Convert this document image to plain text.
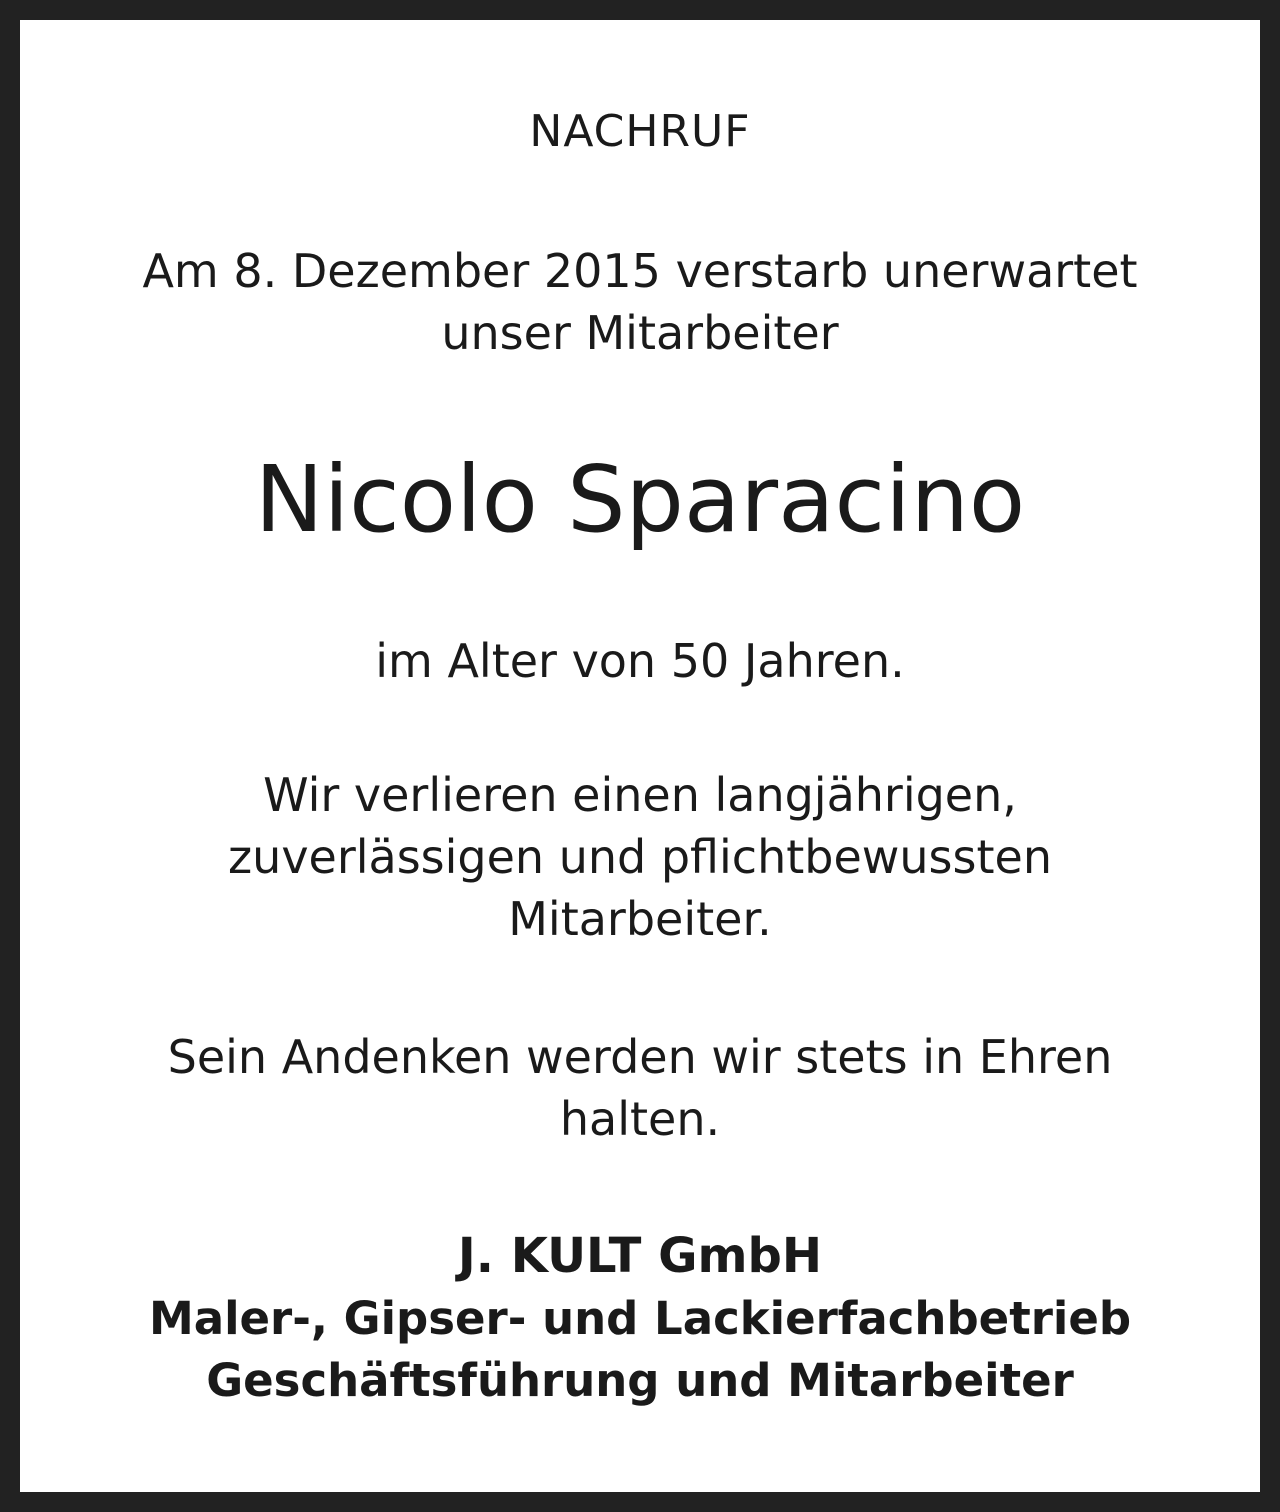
NACHRUF
Am 8. Dezember 2015 verstarb unerwartet
unser Mitarbeiter
Nicolo Sparacino
im Alter von 50 Jahren.
Wir verlieren einen langjährigen,
zuverlässigen und pflichtbewussten
Mitarbeiter.
Sein Andenken werden wir stets in Ehren
halten.
J. KULT GmbH
Maler-, Gipser- und Lackierfachbetrieb
Geschäftsführung und Mitarbeiter
